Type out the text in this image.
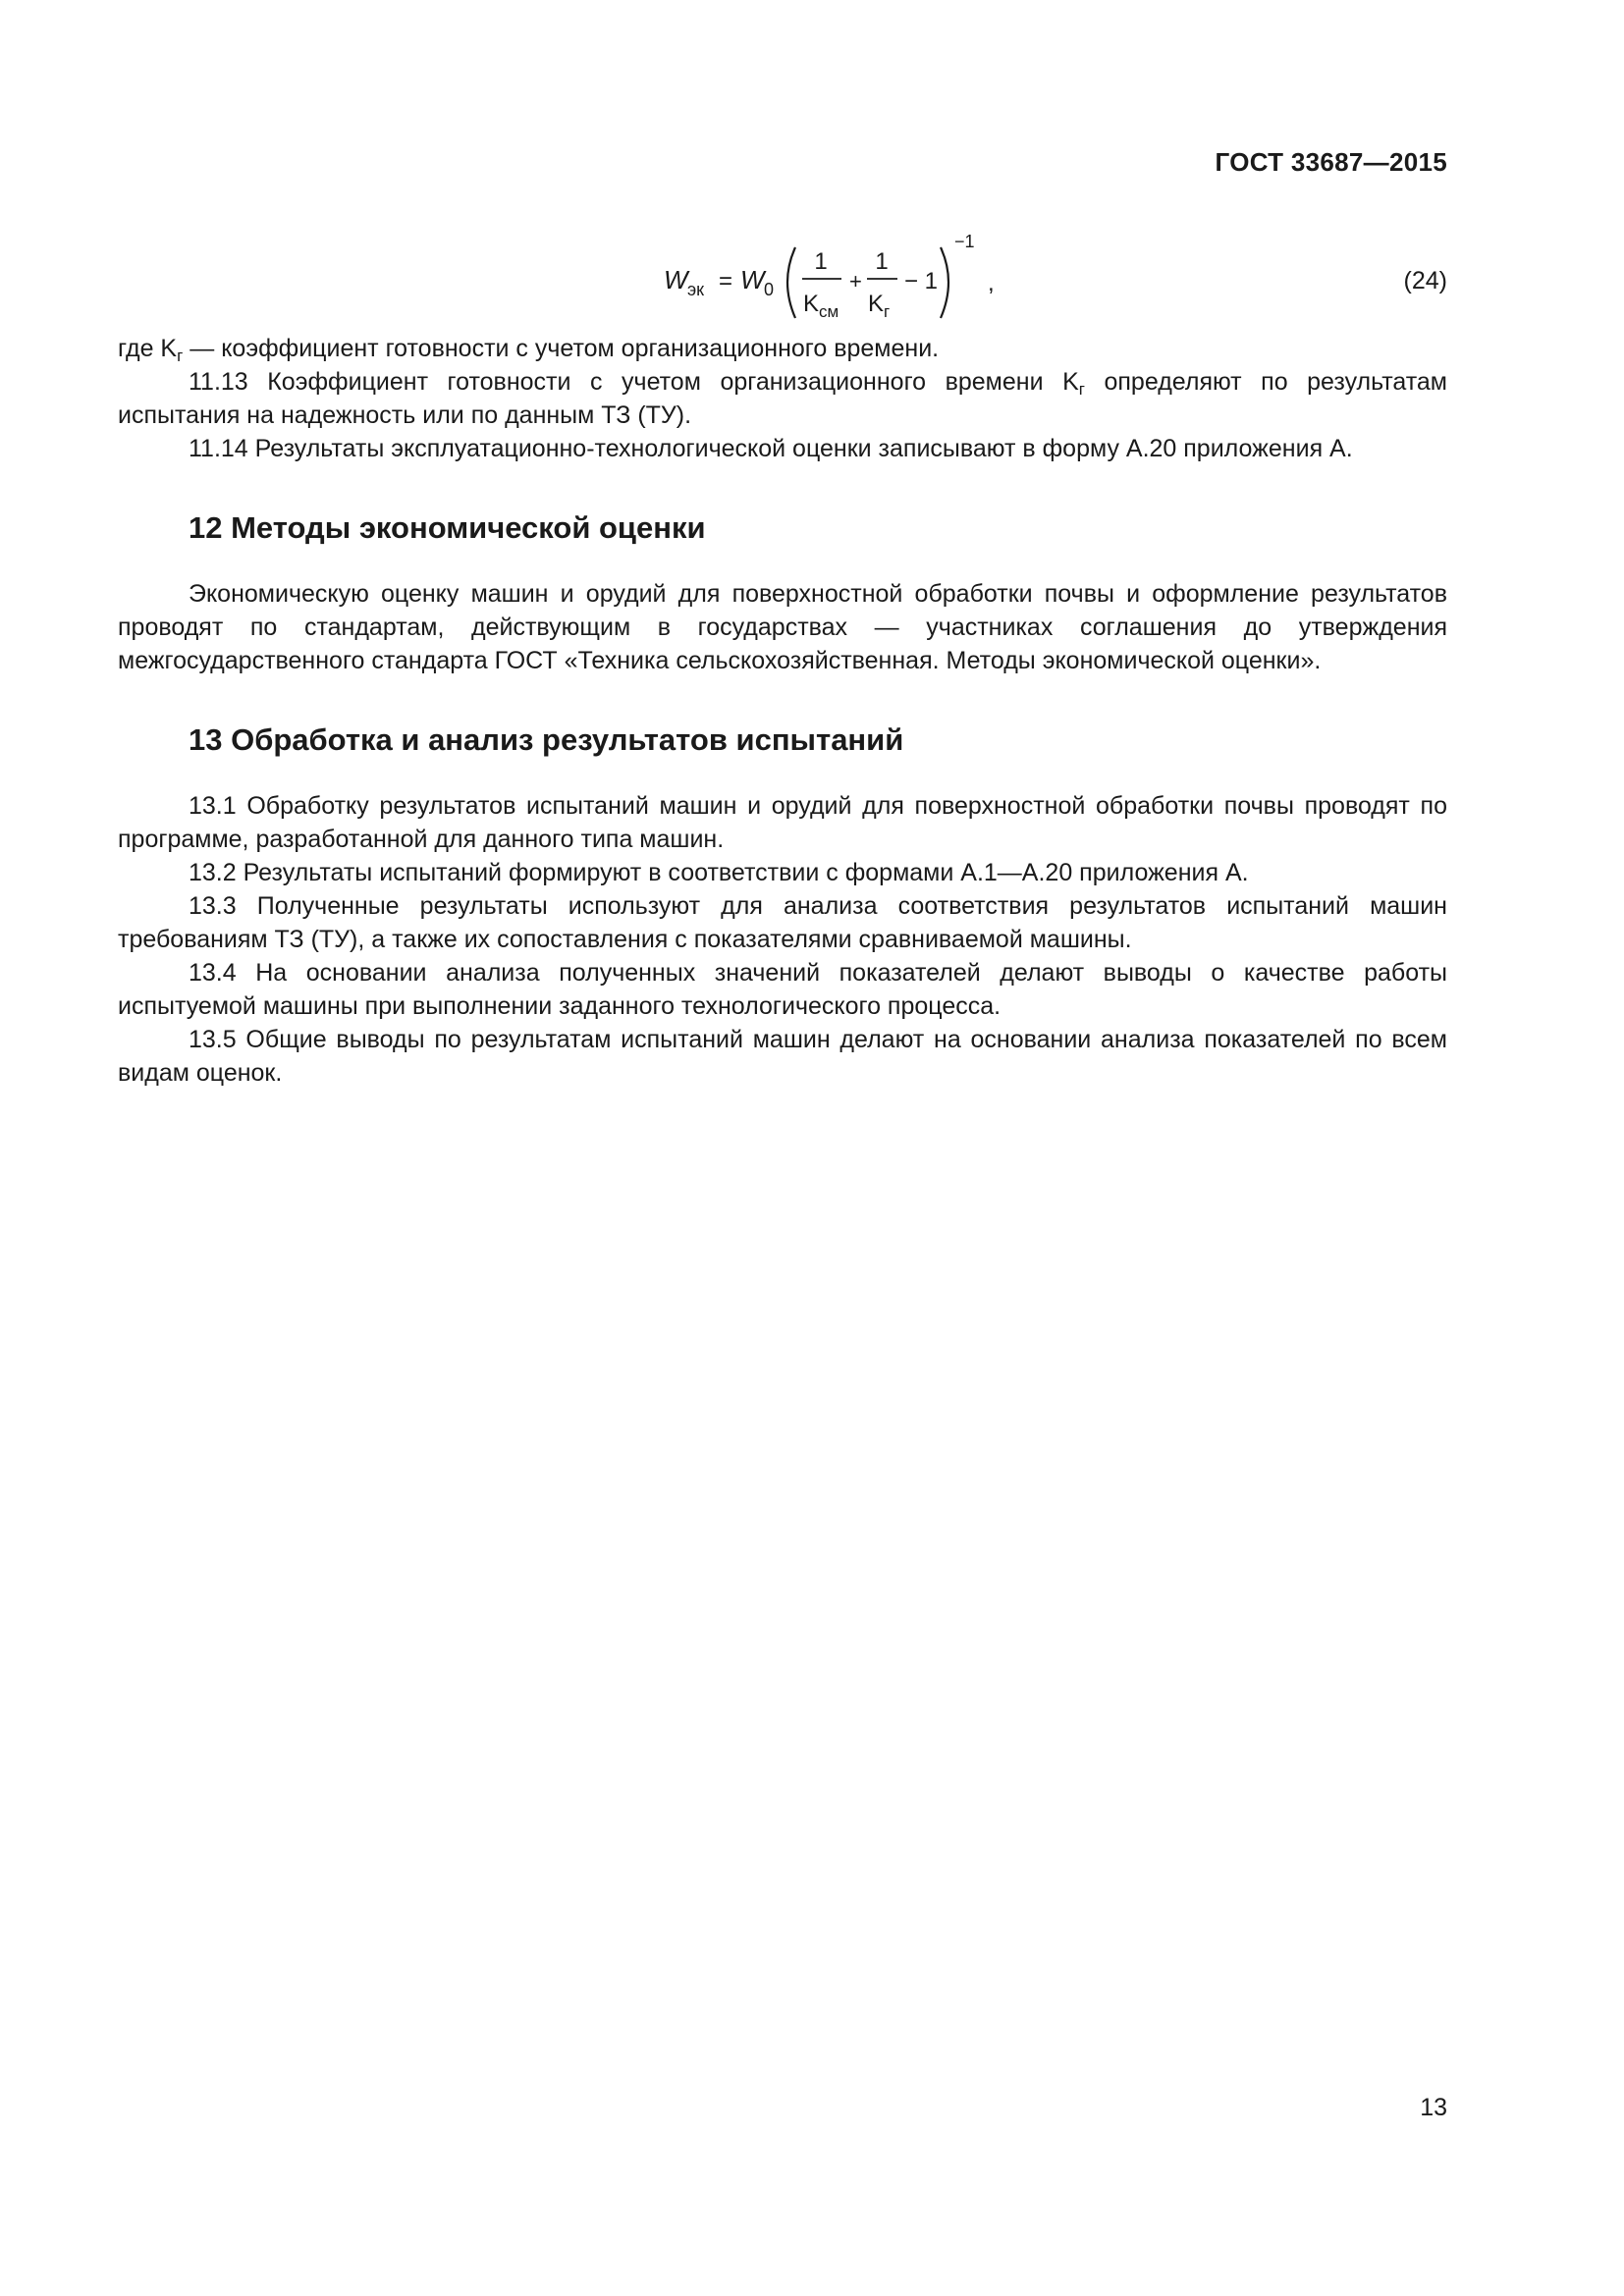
ГОСТ 33687—2015
W эк = W 0
1
K см
+
1
K г
− 1
−1
,	(24)

где $K_г$ — коэффициент готовности с учетом организационного времени.

11.13 Коэффициент готовности с учетом организационного времени $K_г$ определяют по результатам испытания на надежность или по данным ТЗ (ТУ).

11.14 Результаты эксплуатационно-технологической оценки записывают в форму А.20 приложения А.

12 Методы экономической оценки

Экономическую оценку машин и орудий для поверхностной обработки почвы и оформление результатов проводят по стандартам, действующим в государствах — участниках соглашения до утверждения межгосударственного стандарта ГОСТ «Техника сельскохозяйственная. Методы экономической оценки».

13 Обработка и анализ результатов испытаний

13.1 Обработку результатов испытаний машин и орудий для поверхностной обработки почвы проводят по программе, разработанной для данного типа машин.

13.2 Результаты испытаний формируют в соответствии с формами А.1—А.20 приложения А.

13.3 Полученные результаты используют для анализа соответствия результатов испытаний машин требованиям ТЗ (ТУ), а также их сопоставления с показателями сравниваемой машины.

13.4 На основании анализа полученных значений показателей делают выводы о качестве работы испытуемой машины при выполнении заданного технологического процесса.

13.5 Общие выводы по результатам испытаний машин делают на основании анализа показателей по всем видам оценок.

13
